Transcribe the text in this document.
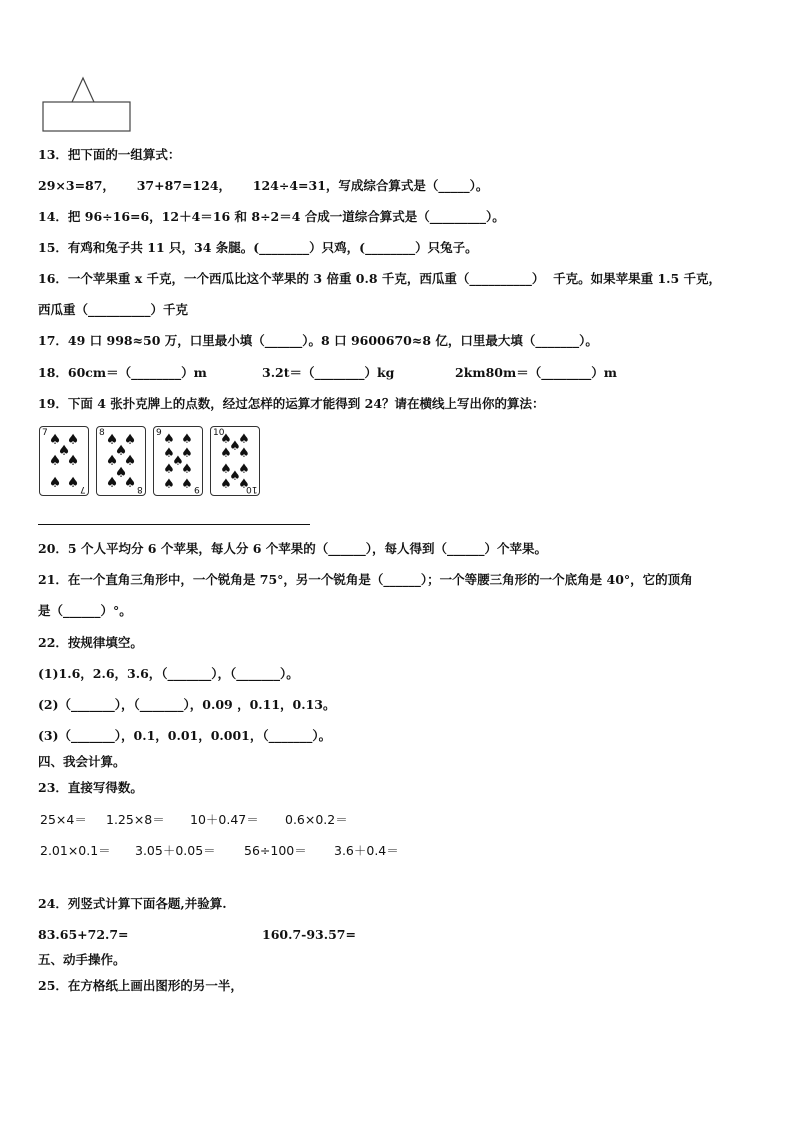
13．把下面的一组算式：
29×3=87，     37+87=124，     124÷4=31，写成综合算式是（_____）。
14．把 96÷16=6，12＋4＝16 和 8÷2＝4 合成一道综合算式是（_________）。
15．有鸡和兔子共 11 只，34 条腿。(________）只鸡，(________）只兔子。
16．一个苹果重 x 千克，一个西瓜比这个苹果的 3 倍重 0.8 千克，西瓜重（__________）  千克。如果苹果重 1.5 千克，
西瓜重（__________）千克
17．49 口 998≈50 万，口里最小填（______）。8 口 9600670≈8 亿，口里最大填（_______）。
18．60cm＝（________）m	3.2t＝（________）kg	2km80m＝（________）m
19．下面 4 张扑克牌上的点数，经过怎样的运算才能得到 24？请在横线上写出你的算法：
7
7
♠ ♠
♠
♠ ♠
♠ ♠
8
8
♠ ♠
♠
♠ ♠
♠
♠ ♠
9
9
♠ ♠
♠ ♠
♠
♠ ♠
♠ ♠
10
10
♠ ♠
♠
♠ ♠
♠ ♠
♠
♠ ♠
20．5 个人平均分 6 个苹果，每人分 6 个苹果的（______），每人得到（______）个苹果。
21．在一个直角三角形中，一个锐角是 75°，另一个锐角是（______）；一个等腰三角形的一个底角是 40°，它的顶角
是（______）°。
22．按规律填空。
(1)1.6，2.6，3.6，（_______），（_______）。
(2)（_______），（_______），0.09 ，0.11，0.13。
(3)（_______），0.1，0.01，0.001，（_______）。
四、我会计算。
23．直接写得数。
25×4＝ 1.25×8＝ 10＋0.47＝ 0.6×0.2＝
2.01×0.1＝ 3.05＋0.05＝ 56÷100＝ 3.6＋0.4＝
24．列竖式计算下面各题,并验算.
83.65+72.7=	160.7-93.57=
五、动手操作。
25．在方格纸上画出图形的另一半，
